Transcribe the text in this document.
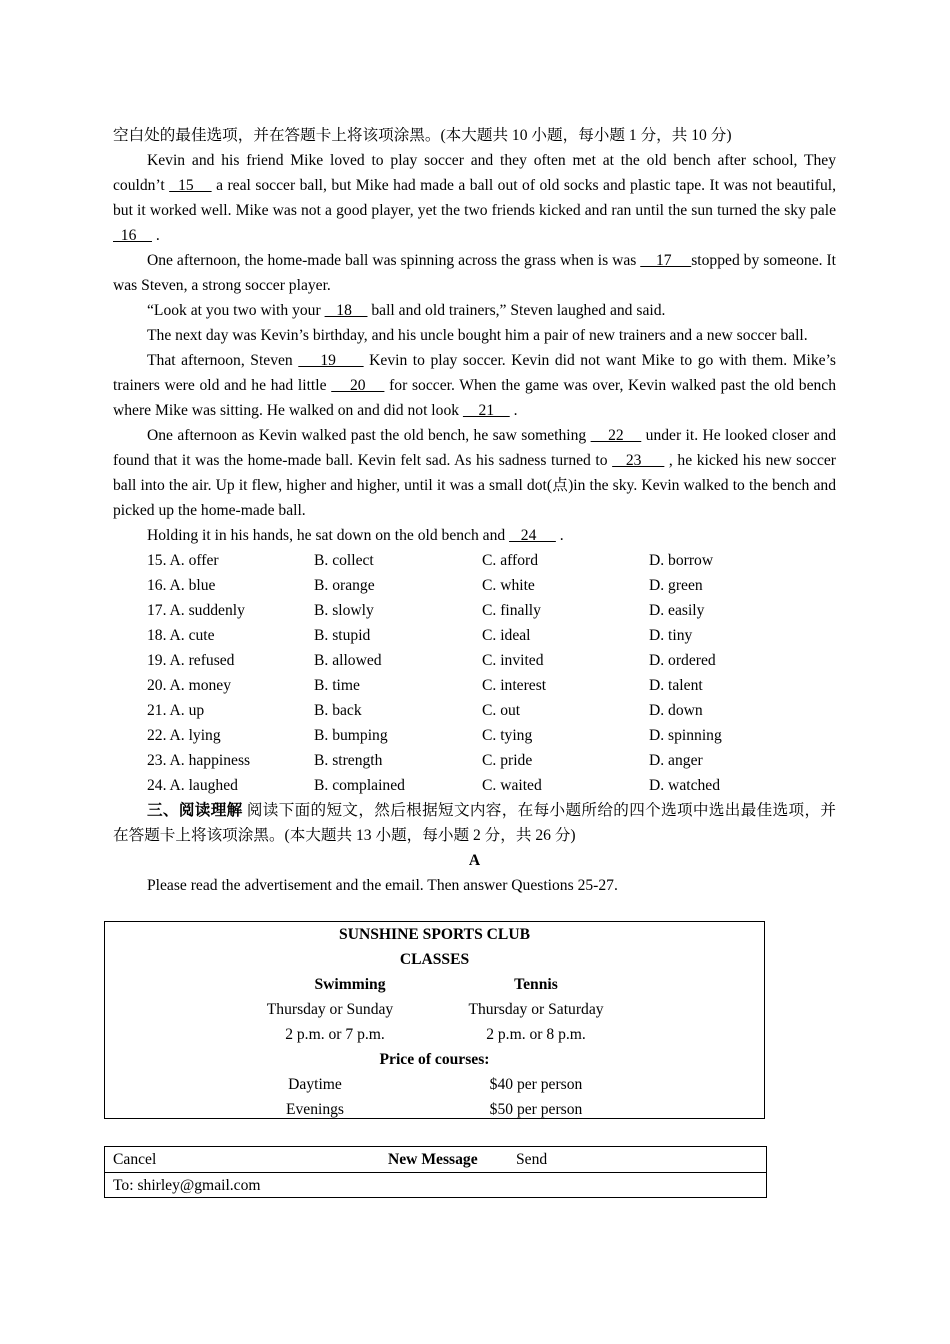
空白处的最佳选项，并在答题卡上将该项涂黑。(本大题共 10 小题，每小题 1 分，共 10 分)

Kevin and his friend Mike loved to play soccer and they often met at the old bench after school, They couldn’t   15     a real soccer ball, but Mike had made a ball out of old socks and plastic tape. It was not beautiful, but it worked well. Mike was not a good player, yet the two friends kicked and ran until the sun turned the sky pale   16     .

One afternoon, the home-made ball was spinning across the grass when is was     17     stopped by someone. It was Steven, a strong soccer player.

“Look at you two with your    18     ball and old trainers,” Steven laughed and said.

The next day was Kevin’s birthday, and his uncle bought him a pair of new trainers and a new soccer ball.

That afternoon, Steven     19      Kevin to play soccer. Kevin did not want Mike to go with them. Mike’s trainers were old and he had little     20     for soccer. When the game was over, Kevin walked past the old bench where Mike was sitting. He walked on and did not look     21     .

One afternoon as Kevin walked past the old bench, he saw something     22     under it. He looked closer and found that it was the home-made ball. Kevin felt sad. As his sadness turned to    23      , he kicked his new soccer ball into the air. Up it flew, higher and higher, until it was a small dot(点)in the sky. Kevin walked to the bench and picked up the home-made ball.

Holding it in his hands, he sat down on the old bench and    24      .

15. A. offer	B. collect	C. afford	D. borrow
16. A. blue	B. orange	C. white	D. green
17. A. suddenly	B. slowly	C. finally	D. easily
18. A. cute	B. stupid	C. ideal	D. tiny
19. A. refused	B. allowed	C. invited	D. ordered
20. A. money	B. time	C. interest	D. talent
21. A. up	B. back	C. out	D. down
22. A. lying	B. bumping	C. tying	D. spinning
23. A. happiness	B. strength	C. pride	D. anger
24. A. laughed	B. complained	C. waited	D. watched

三、阅读理解 阅读下面的短文，然后根据短文内容，在每小题所给的四个选项中选出最佳选项，并在答题卡上将该项涂黑。(本大题共 13 小题，每小题 2 分，共 26 分)

A
Please read the advertisement and the email. Then answer Questions 25-27.
SUNSHINE SPORTS CLUB
CLASSES
Swimming	Tennis
Thursday or Sunday	Thursday or Saturday
2 p.m. or 7 p.m.	2 p.m. or 8 p.m.
Price of courses:
Daytime	$40 per person
Evenings	$50 per person
Cancel	New Message Send
To: shirley@gmail.com
